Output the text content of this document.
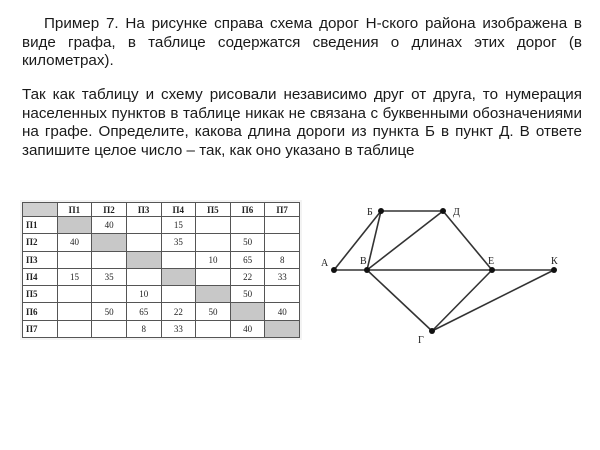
Пример 7. На рисунке справа схема дорог Н-ского района изображена в виде графа, в таблице содержатся сведения о длинах этих дорог (в километрах).

Так как таблицу и схему рисовали независимо друг от друга, то нумерация населенных пунктов в таблице никак не связана с буквенными обозначениями на графе. Определите, какова длина дороги из пункта Б в пункт Д. В ответе запишите целое число – так, как оно указано в таблице

	П1	П2	П3	П4	П5	П6	П7
П1		40		15			
П2	40			35		50	
П3					10	65	8
П4	15	35				22	33
П5			10			50	
П6		50	65	22	50		40
П7			8	33		40	
А
Б
В
Г
Д
Е	К
